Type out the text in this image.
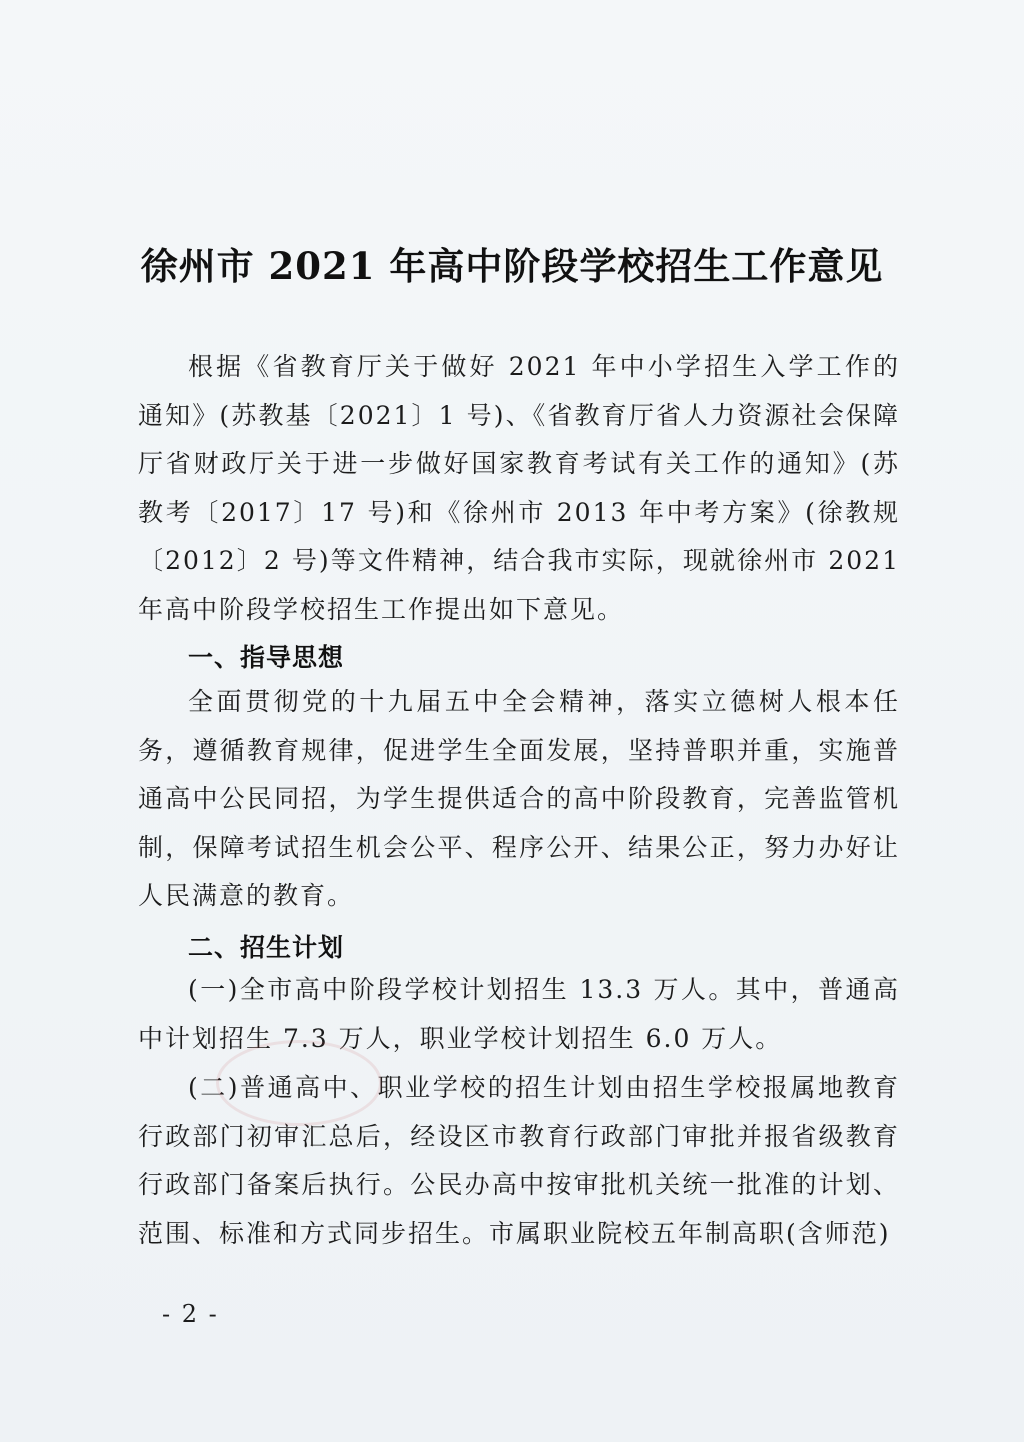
徐州市 2021 年高中阶段学校招生工作意见

根据《省教育厅关于做好 2021 年中小学招生入学工作的通知》(苏教基〔2021〕1 号)、《省教育厅省人力资源社会保障厅省财政厅关于进一步做好国家教育考试有关工作的通知》(苏教考〔2017〕17 号)和《徐州市 2013 年中考方案》(徐教规〔2012〕2 号)等文件精神，结合我市实际，现就徐州市 2021 年高中阶段学校招生工作提出如下意见。

一、指导思想

全面贯彻党的十九届五中全会精神，落实立德树人根本任务，遵循教育规律，促进学生全面发展，坚持普职并重，实施普通高中公民同招，为学生提供适合的高中阶段教育，完善监管机制，保障考试招生机会公平、程序公开、结果公正，努力办好让人民满意的教育。

二、招生计划

(一)全市高中阶段学校计划招生 13.3 万人。其中，普通高中计划招生 7.3 万人，职业学校计划招生 6.0 万人。

(二)普通高中、职业学校的招生计划由招生学校报属地教育行政部门初审汇总后，经设区市教育行政部门审批并报省级教育行政部门备案后执行。公民办高中按审批机关统一批准的计划、范围、标准和方式同步招生。市属职业院校五年制高职(含师范)

- 2 -
